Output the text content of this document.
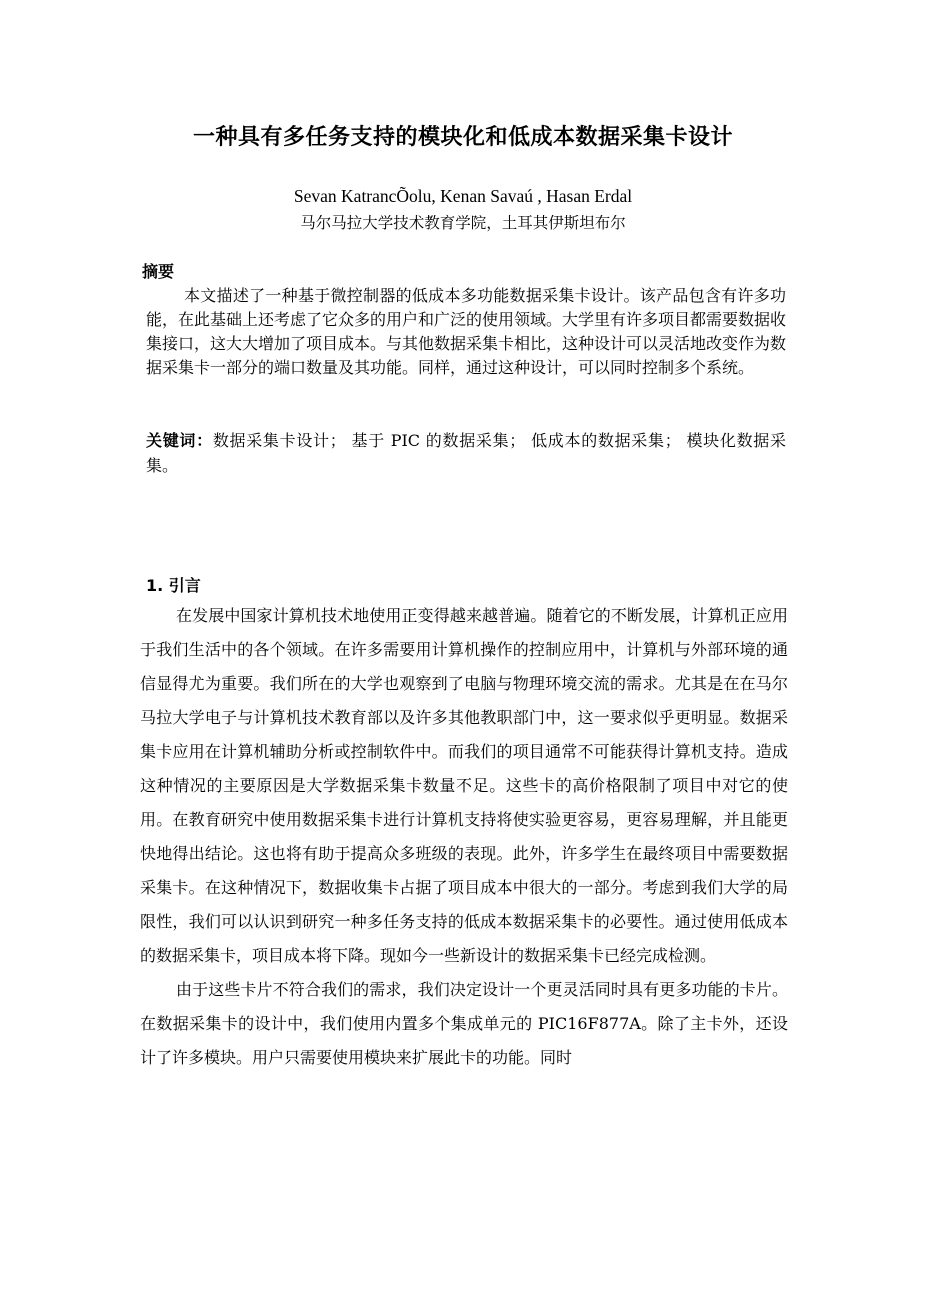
一种具有多任务支持的模块化和低成本数据采集卡设计
Sevan KatrancÕolu, Kenan Savaú , Hasan Erdal
马尔马拉大学技术教育学院，土耳其伊斯坦布尔
摘要
本文描述了一种基于微控制器的低成本多功能数据采集卡设计。该产品包含有许多功能，在此基础上还考虑了它众多的用户和广泛的使用领域。大学里有许多项目都需要数据收集接口，这大大增加了项目成本。与其他数据采集卡相比，这种设计可以灵活地改变作为数据采集卡一部分的端口数量及其功能。同样，通过这种设计，可以同时控制多个系统。
关键词：数据采集卡设计； 基于 PIC 的数据采集； 低成本的数据采集； 模块化数据采集。
1. 引言

在发展中国家计算机技术地使用正变得越来越普遍。随着它的不断发展，计算机正应用于我们生活中的各个领域。在许多需要用计算机操作的控制应用中，计算机与外部环境的通信显得尤为重要。我们所在的大学也观察到了电脑与物理环境交流的需求。尤其是在在马尔马拉大学电子与计算机技术教育部以及许多其他教职部门中，这一要求似乎更明显。数据采集卡应用在计算机辅助分析或控制软件中。而我们的项目通常不可能获得计算机支持。造成这种情况的主要原因是大学数据采集卡数量不足。这些卡的高价格限制了项目中对它的使用。在教育研究中使用数据采集卡进行计算机支持将使实验更容易，更容易理解，并且能更快地得出结论。这也将有助于提高众多班级的表现。此外，许多学生在最终项目中需要数据采集卡。在这种情况下，数据收集卡占据了项目成本中很大的一部分。考虑到我们大学的局限性，我们可以认识到研究一种多任务支持的低成本数据采集卡的必要性。通过使用低成本的数据采集卡，项目成本将下降。现如今一些新设计的数据采集卡已经完成检测。

由于这些卡片不符合我们的需求，我们决定设计一个更灵活同时具有更多功能的卡片。在数据采集卡的设计中，我们使用内置多个集成单元的 PIC16F877A。除了主卡外，还设计了许多模块。用户只需要使用模块来扩展此卡的功能。同时
